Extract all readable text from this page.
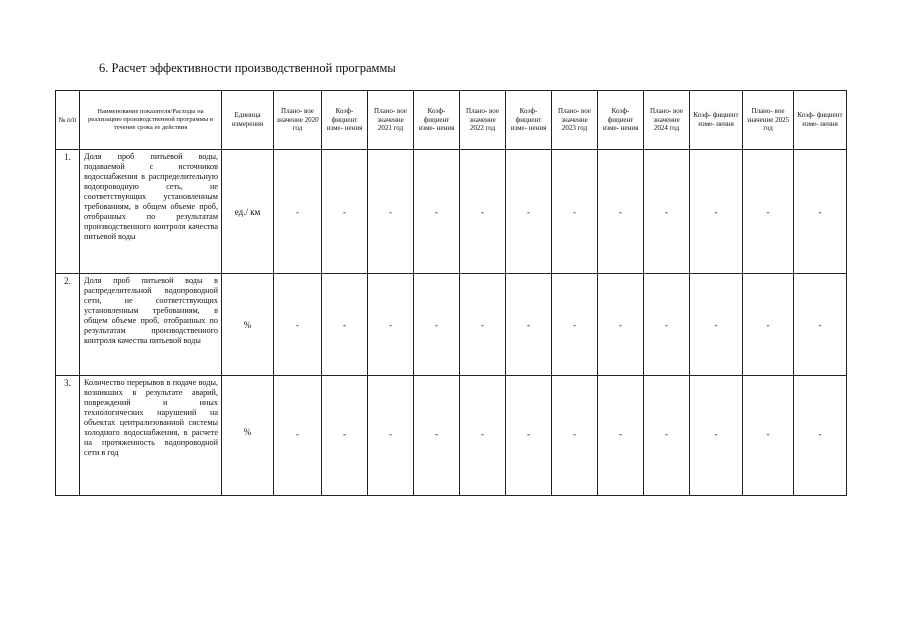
6. Расчет эффективности производственной программы
№ п/п	Наименование показателя/Расходы на реализацию производственной программы в течение срока ее действия	Единица измерения	Плано- вое значение 2020 год	Коэф- фициент изме- нения	Плано- вое значение 2021 год	Коэф- фициент изме- нения	Плано- вое значение 2022 год	Коэф- фициент изме- нения	Плано- вое значение 2023 год	Коэф- фициент изме- нения	Плано- вое значение 2024 год	Коэф- фициент изме- нения	Плано- вое значение 2025 год	Коэф- фициент изме- нения
1.	Доля проб питьевой воды, подаваемой с источников водоснабжения в распределительную водопроводную сеть, не соответствующих установленным требованиям, в общем объеме проб, отобранных по результатам производственного контроля качества питьевой воды	ед./ км	-	-	-	-	-	-	-	-	-	-	-	-
2.	Доля проб питьевой воды в распределительной водопроводной сети, не соответствующих установленным требованиям, в общем объеме проб, отобранных по результатам производственного контроля качества питьевой воды	%	-	-	-	-	-	-	-	-	-	-	-	-
3.	Количество перерывов в подаче воды, возникших в результате аварий, повреждений и иных технологических нарушений на объектах централизованной системы холодного водоснабжения, в расчете на протяженность водопроводной сети в год	%	-	-	-	-	-	-	-	-	-	-	-	-
